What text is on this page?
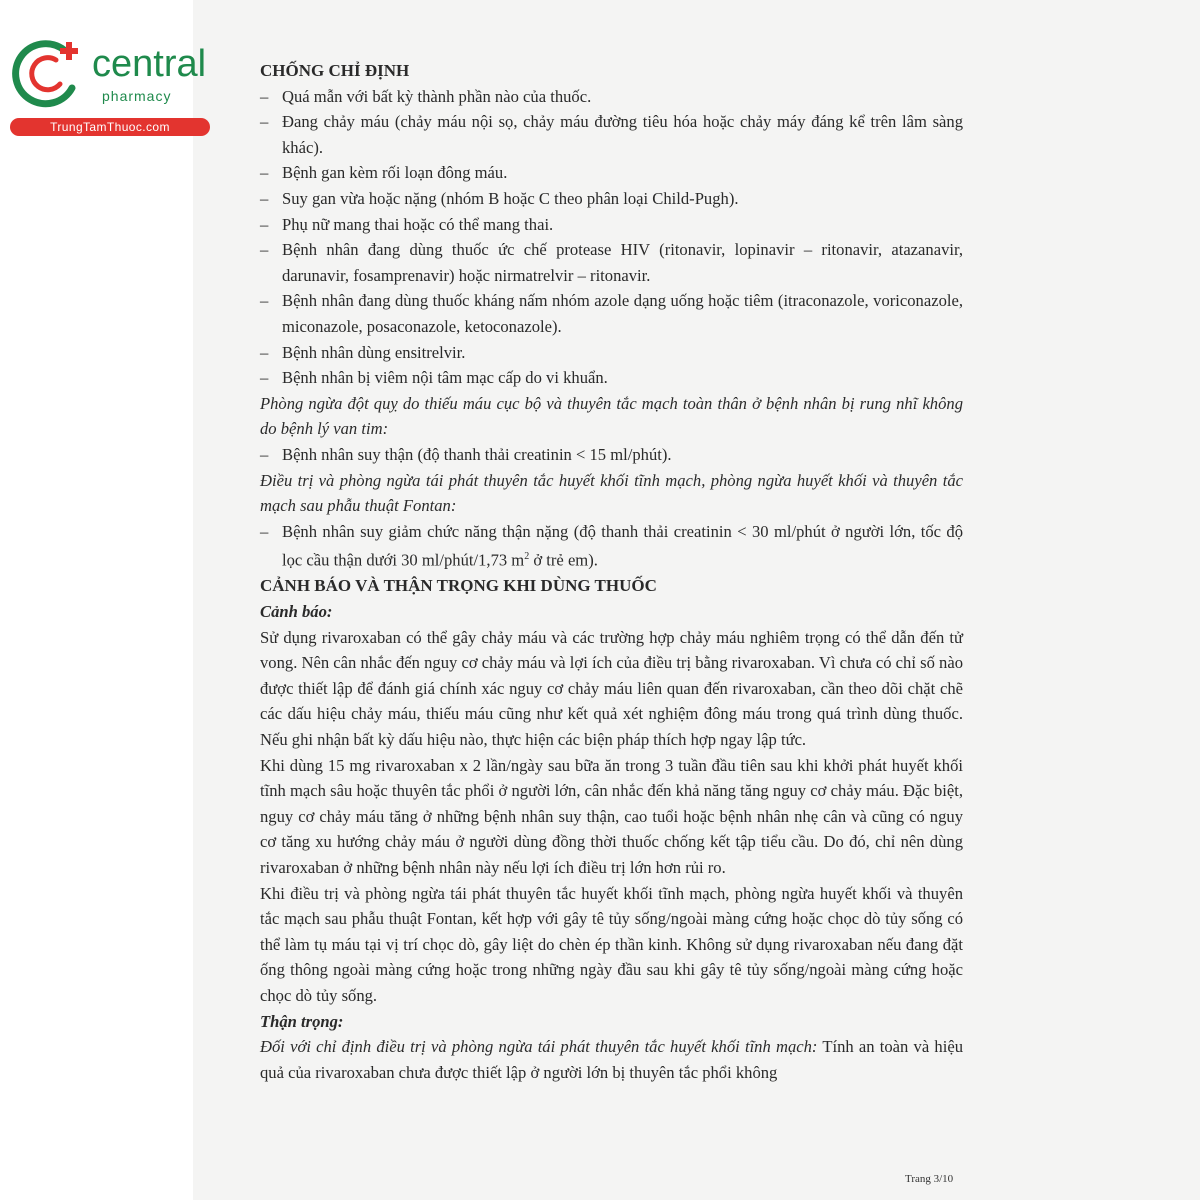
central
pharmacy
TrungTamThuoc.com

CHỐNG CHỈ ĐỊNH

– Quá mẫn với bất kỳ thành phần nào của thuốc.

– Đang chảy máu (chảy máu nội sọ, chảy máu đường tiêu hóa hoặc chảy máy đáng kể trên lâm sàng khác).

– Bệnh gan kèm rối loạn đông máu.

– Suy gan vừa hoặc nặng (nhóm B hoặc C theo phân loại Child-Pugh).

– Phụ nữ mang thai hoặc có thể mang thai.

– Bệnh nhân đang dùng thuốc ức chế protease HIV (ritonavir, lopinavir – ritonavir, atazanavir, darunavir, fosamprenavir) hoặc nirmatrelvir – ritonavir.

– Bệnh nhân đang dùng thuốc kháng nấm nhóm azole dạng uống hoặc tiêm (itraconazole, voriconazole, miconazole, posaconazole, ketoconazole).

– Bệnh nhân dùng ensitrelvir.

– Bệnh nhân bị viêm nội tâm mạc cấp do vi khuẩn.

Phòng ngừa đột quỵ do thiếu máu cục bộ và thuyên tắc mạch toàn thân ở bệnh nhân bị rung nhĩ không do bệnh lý van tim:

– Bệnh nhân suy thận (độ thanh thải creatinin < 15 ml/phút).

Điều trị và phòng ngừa tái phát thuyên tắc huyết khối tĩnh mạch, phòng ngừa huyết khối và thuyên tắc mạch sau phẫu thuật Fontan:

– Bệnh nhân suy giảm chức năng thận nặng (độ thanh thải creatinin < 30 ml/phút ở người lớn, tốc độ lọc cầu thận dưới 30 ml/phút/1,73 $m^2$ ở trẻ em).

CẢNH BÁO VÀ THẬN TRỌNG KHI DÙNG THUỐC

Cảnh báo:

Sử dụng rivaroxaban có thể gây chảy máu và các trường hợp chảy máu nghiêm trọng có thể dẫn đến tử vong. Nên cân nhắc đến nguy cơ chảy máu và lợi ích của điều trị bằng rivaroxaban. Vì chưa có chỉ số nào được thiết lập để đánh giá chính xác nguy cơ chảy máu liên quan đến rivaroxaban, cần theo dõi chặt chẽ các dấu hiệu chảy máu, thiếu máu cũng như kết quả xét nghiệm đông máu trong quá trình dùng thuốc. Nếu ghi nhận bất kỳ dấu hiệu nào, thực hiện các biện pháp thích hợp ngay lập tức.

Khi dùng 15 mg rivaroxaban x 2 lần/ngày sau bữa ăn trong 3 tuần đầu tiên sau khi khởi phát huyết khối tĩnh mạch sâu hoặc thuyên tắc phổi ở người lớn, cân nhắc đến khả năng tăng nguy cơ chảy máu. Đặc biệt, nguy cơ chảy máu tăng ở những bệnh nhân suy thận, cao tuổi hoặc bệnh nhân nhẹ cân và cũng có nguy cơ tăng xu hướng chảy máu ở người dùng đồng thời thuốc chống kết tập tiểu cầu. Do đó, chỉ nên dùng rivaroxaban ở những bệnh nhân này nếu lợi ích điều trị lớn hơn rủi ro.

Khi điều trị và phòng ngừa tái phát thuyên tắc huyết khối tĩnh mạch, phòng ngừa huyết khối và thuyên tắc mạch sau phẫu thuật Fontan, kết hợp với gây tê tủy sống/ngoài màng cứng hoặc chọc dò tủy sống có thể làm tụ máu tại vị trí chọc dò, gây liệt do chèn ép thần kinh. Không sử dụng rivaroxaban nếu đang đặt ống thông ngoài màng cứng hoặc trong những ngày đầu sau khi gây tê tủy sống/ngoài màng cứng hoặc chọc dò tủy sống.

Thận trọng:

Đối với chỉ định điều trị và phòng ngừa tái phát thuyên tắc huyết khối tĩnh mạch: Tính an toàn và hiệu quả của rivaroxaban chưa được thiết lập ở người lớn bị thuyên tắc phổi không

Trang 3/10
